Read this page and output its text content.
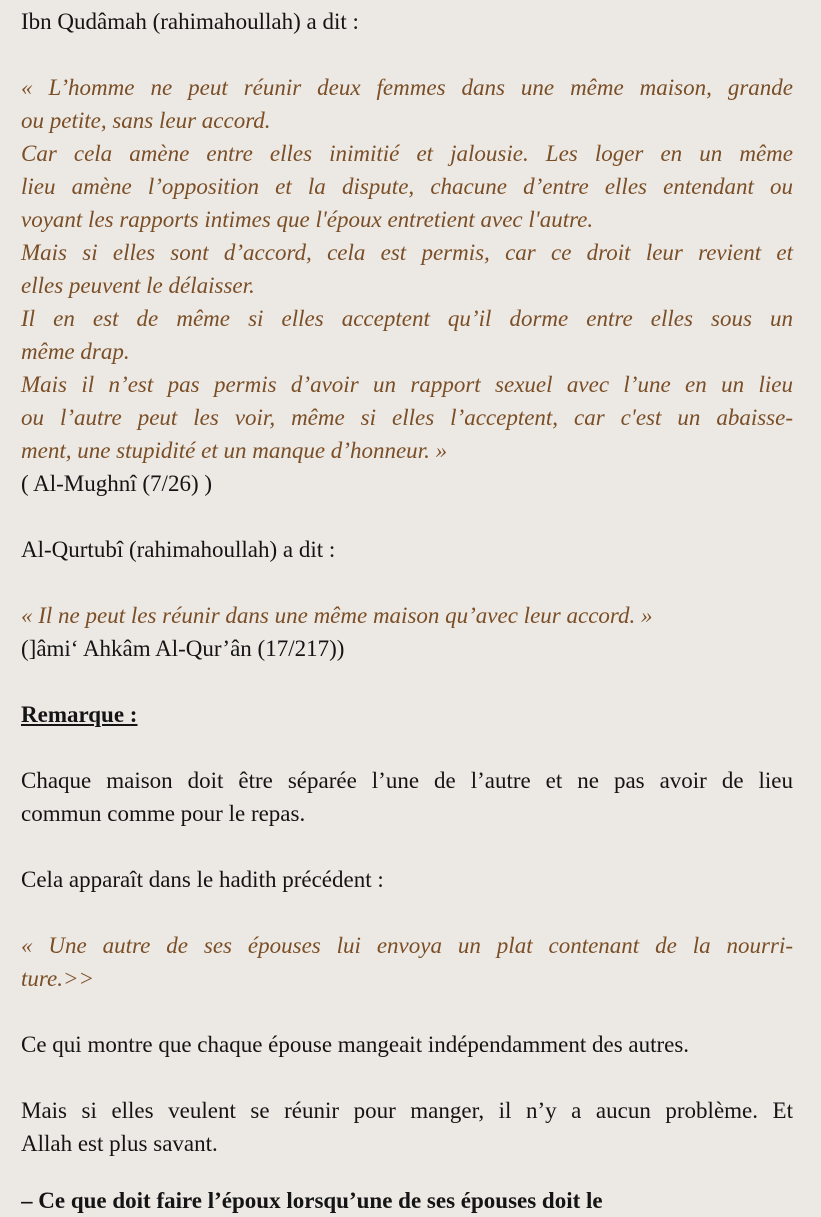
Ibn Qudâmah (rahimahoullah) a dit :

« L’homme ne peut réunir deux femmes dans une même maison, grande
ou petite, sans leur accord.
Car cela amène entre elles inimitié et jalousie. Les loger en un même
lieu amène l’opposition et la dispute, chacune d’entre elles entendant ou
voyant les rapports intimes que l'époux entretient avec l'autre.
Mais si elles sont d’accord, cela est permis, car ce droit leur revient et
elles peuvent le délaisser.
Il en est de même si elles acceptent qu’il dorme entre elles sous un
même drap.
Mais il n’est pas permis d’avoir un rapport sexuel avec l’une en un lieu
ou l’autre peut les voir, même si elles l’acceptent, car c'est un abaisse-
ment, une stupidité et un manque d’honneur. »

( Al-Mughnî (7/26) )

Al-Qurtubî (rahimahoullah) a dit :

« Il ne peut les réunir dans une même maison qu’avec leur accord. »

(]âmi‘ Ahkâm Al-Qur’ân (17/217))

Remarque :

Chaque maison doit être séparée l’une de l’autre et ne pas avoir de lieu
commun comme pour le repas.

Cela apparaît dans le hadith précédent :

« Une autre de ses épouses lui envoya un plat contenant de la nourri-
ture.>>

Ce qui montre que chaque épouse mangeait indépendamment des autres.

Mais si elles veulent se réunir pour manger, il n’y a aucun problème. Et
Allah est plus savant.
– Ce que doit faire l’époux lorsqu’une de ses épouses doit le
